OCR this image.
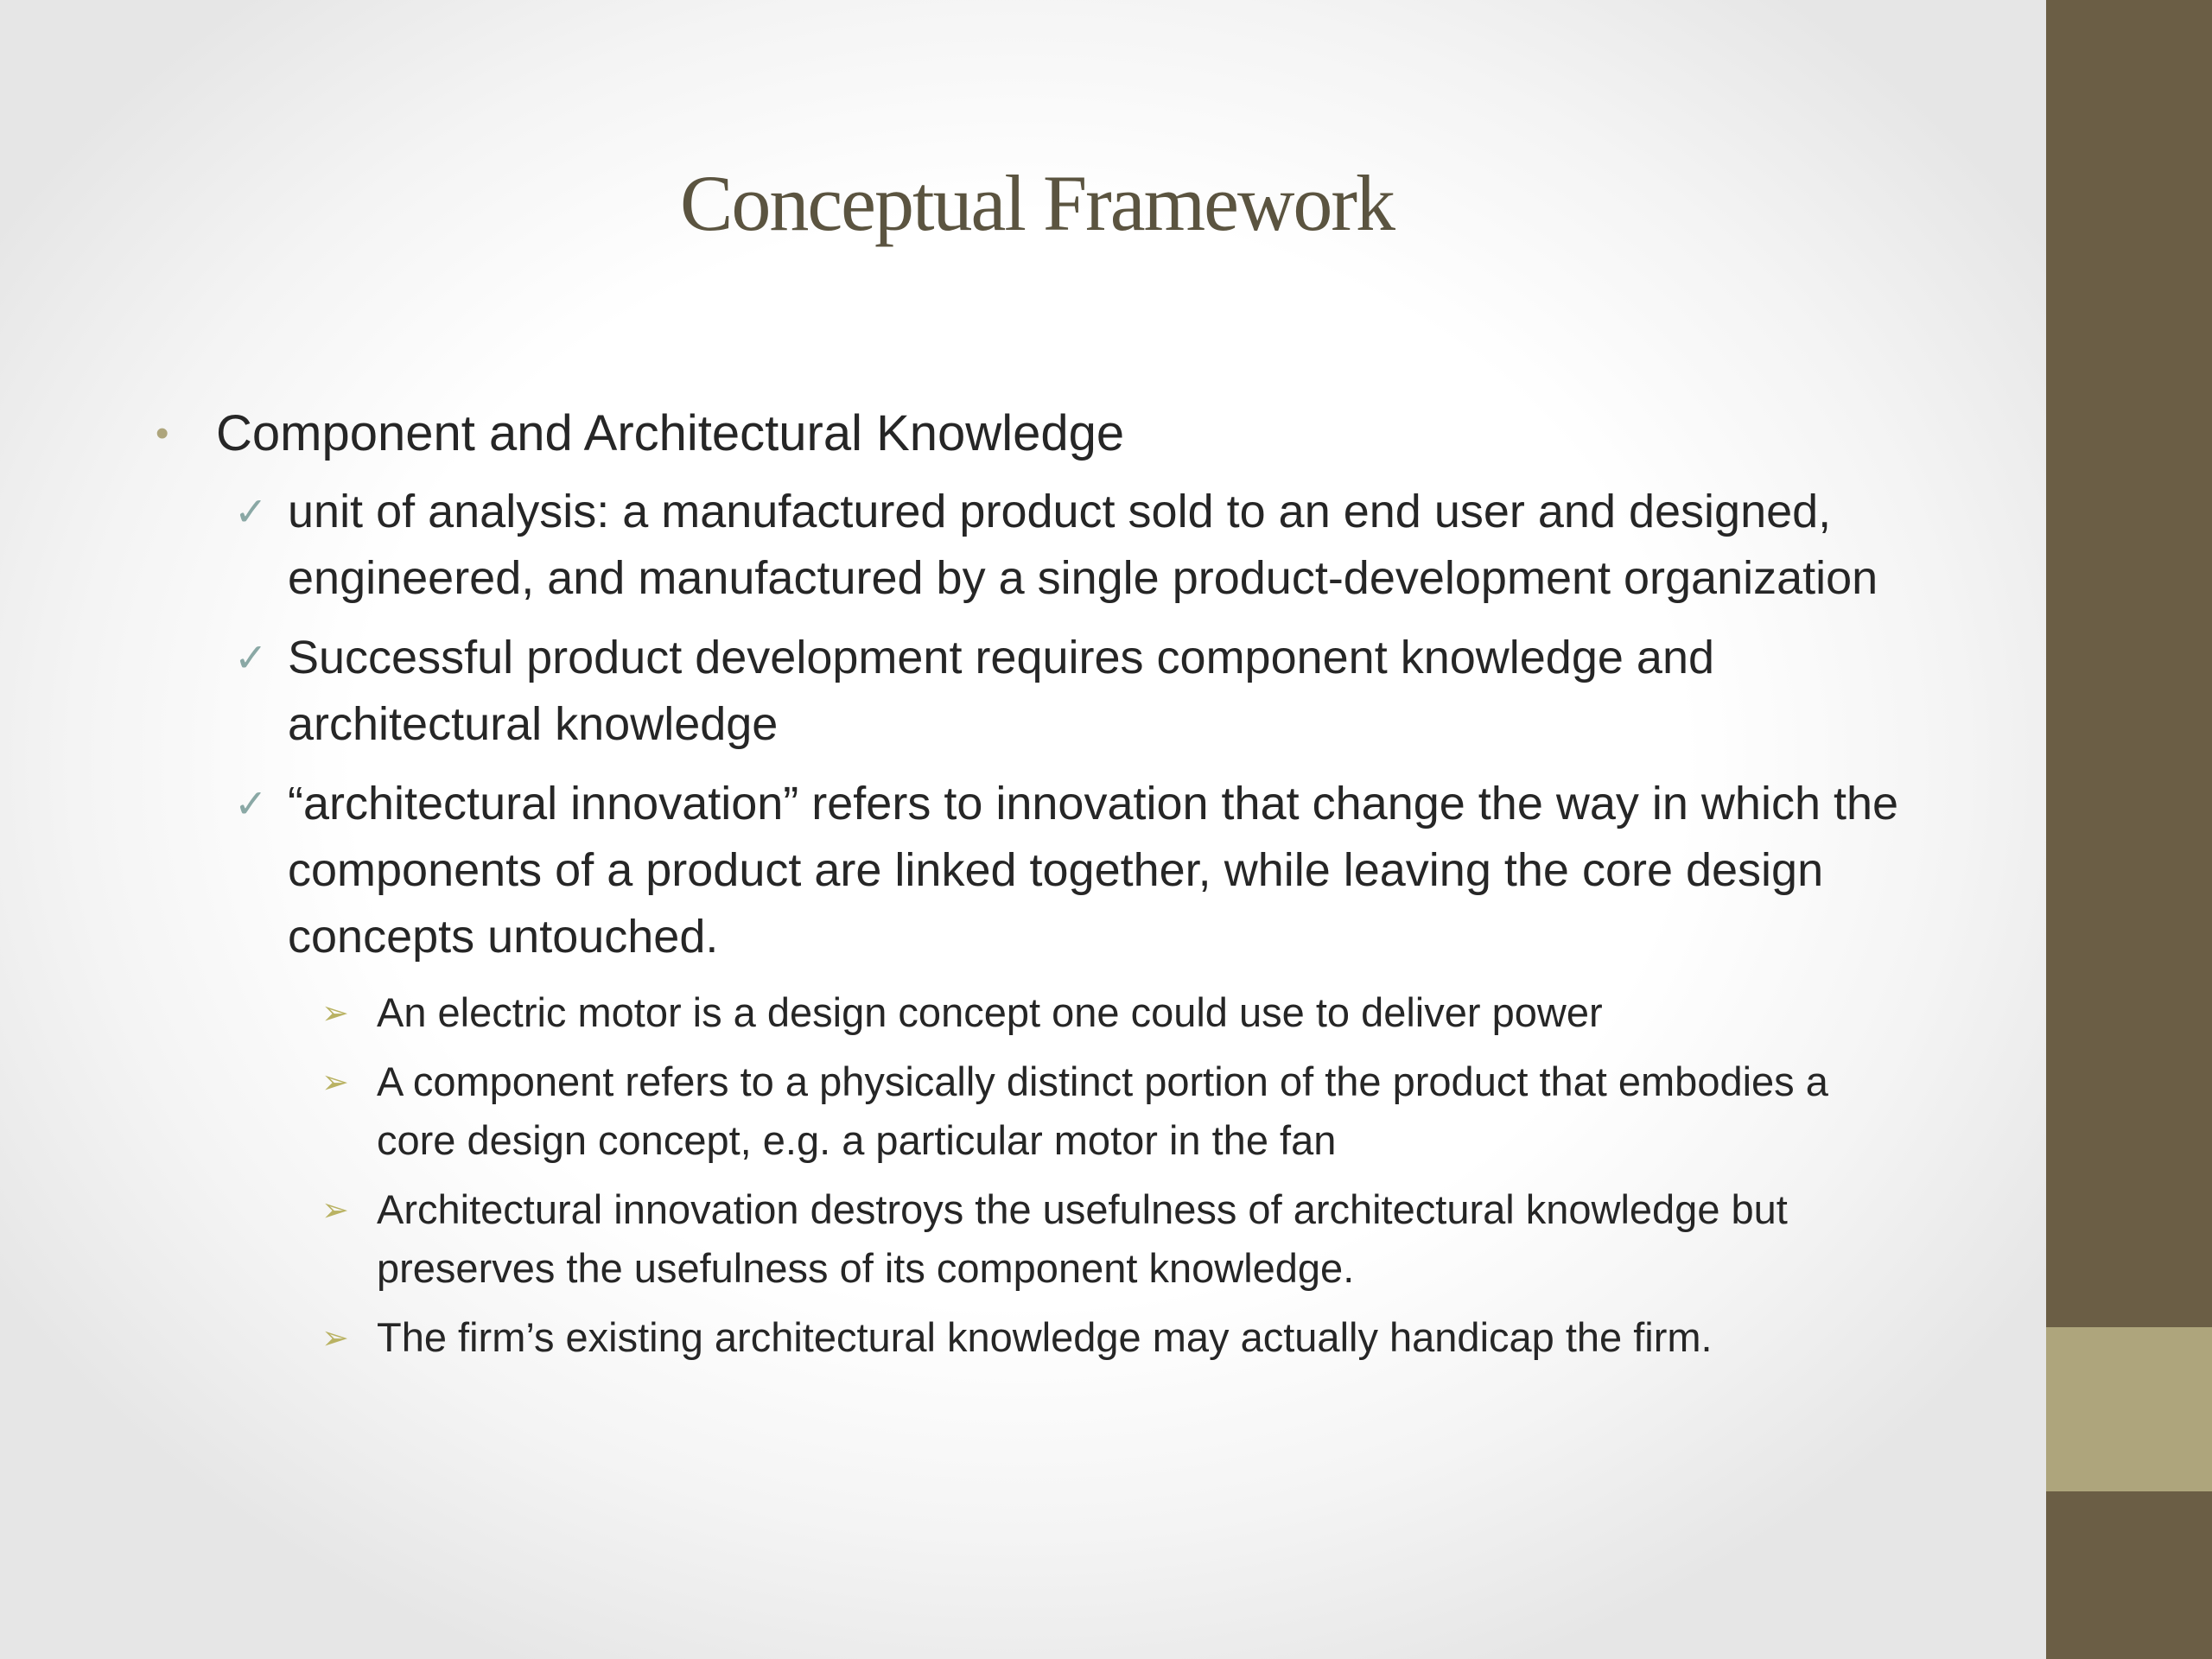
Conceptual Framework
• Component and Architectural Knowledge
✓ unit of analysis: a manufactured product sold to an end user and designed, engineered, and manufactured by a single product-development organization
✓ Successful product development requires component knowledge and architectural knowledge
✓ “architectural innovation” refers to innovation that change the way in which the components of a product are linked together, while leaving the core design concepts untouched.
➢ An electric motor is a design concept one could use to deliver power
➢ A component refers to a physically distinct portion of the product that embodies a core design concept, e.g. a particular motor in the fan
➢ Architectural innovation destroys the usefulness of architectural knowledge but preserves the usefulness of its component knowledge.
➢ The firm’s existing architectural knowledge may actually handicap the firm.
